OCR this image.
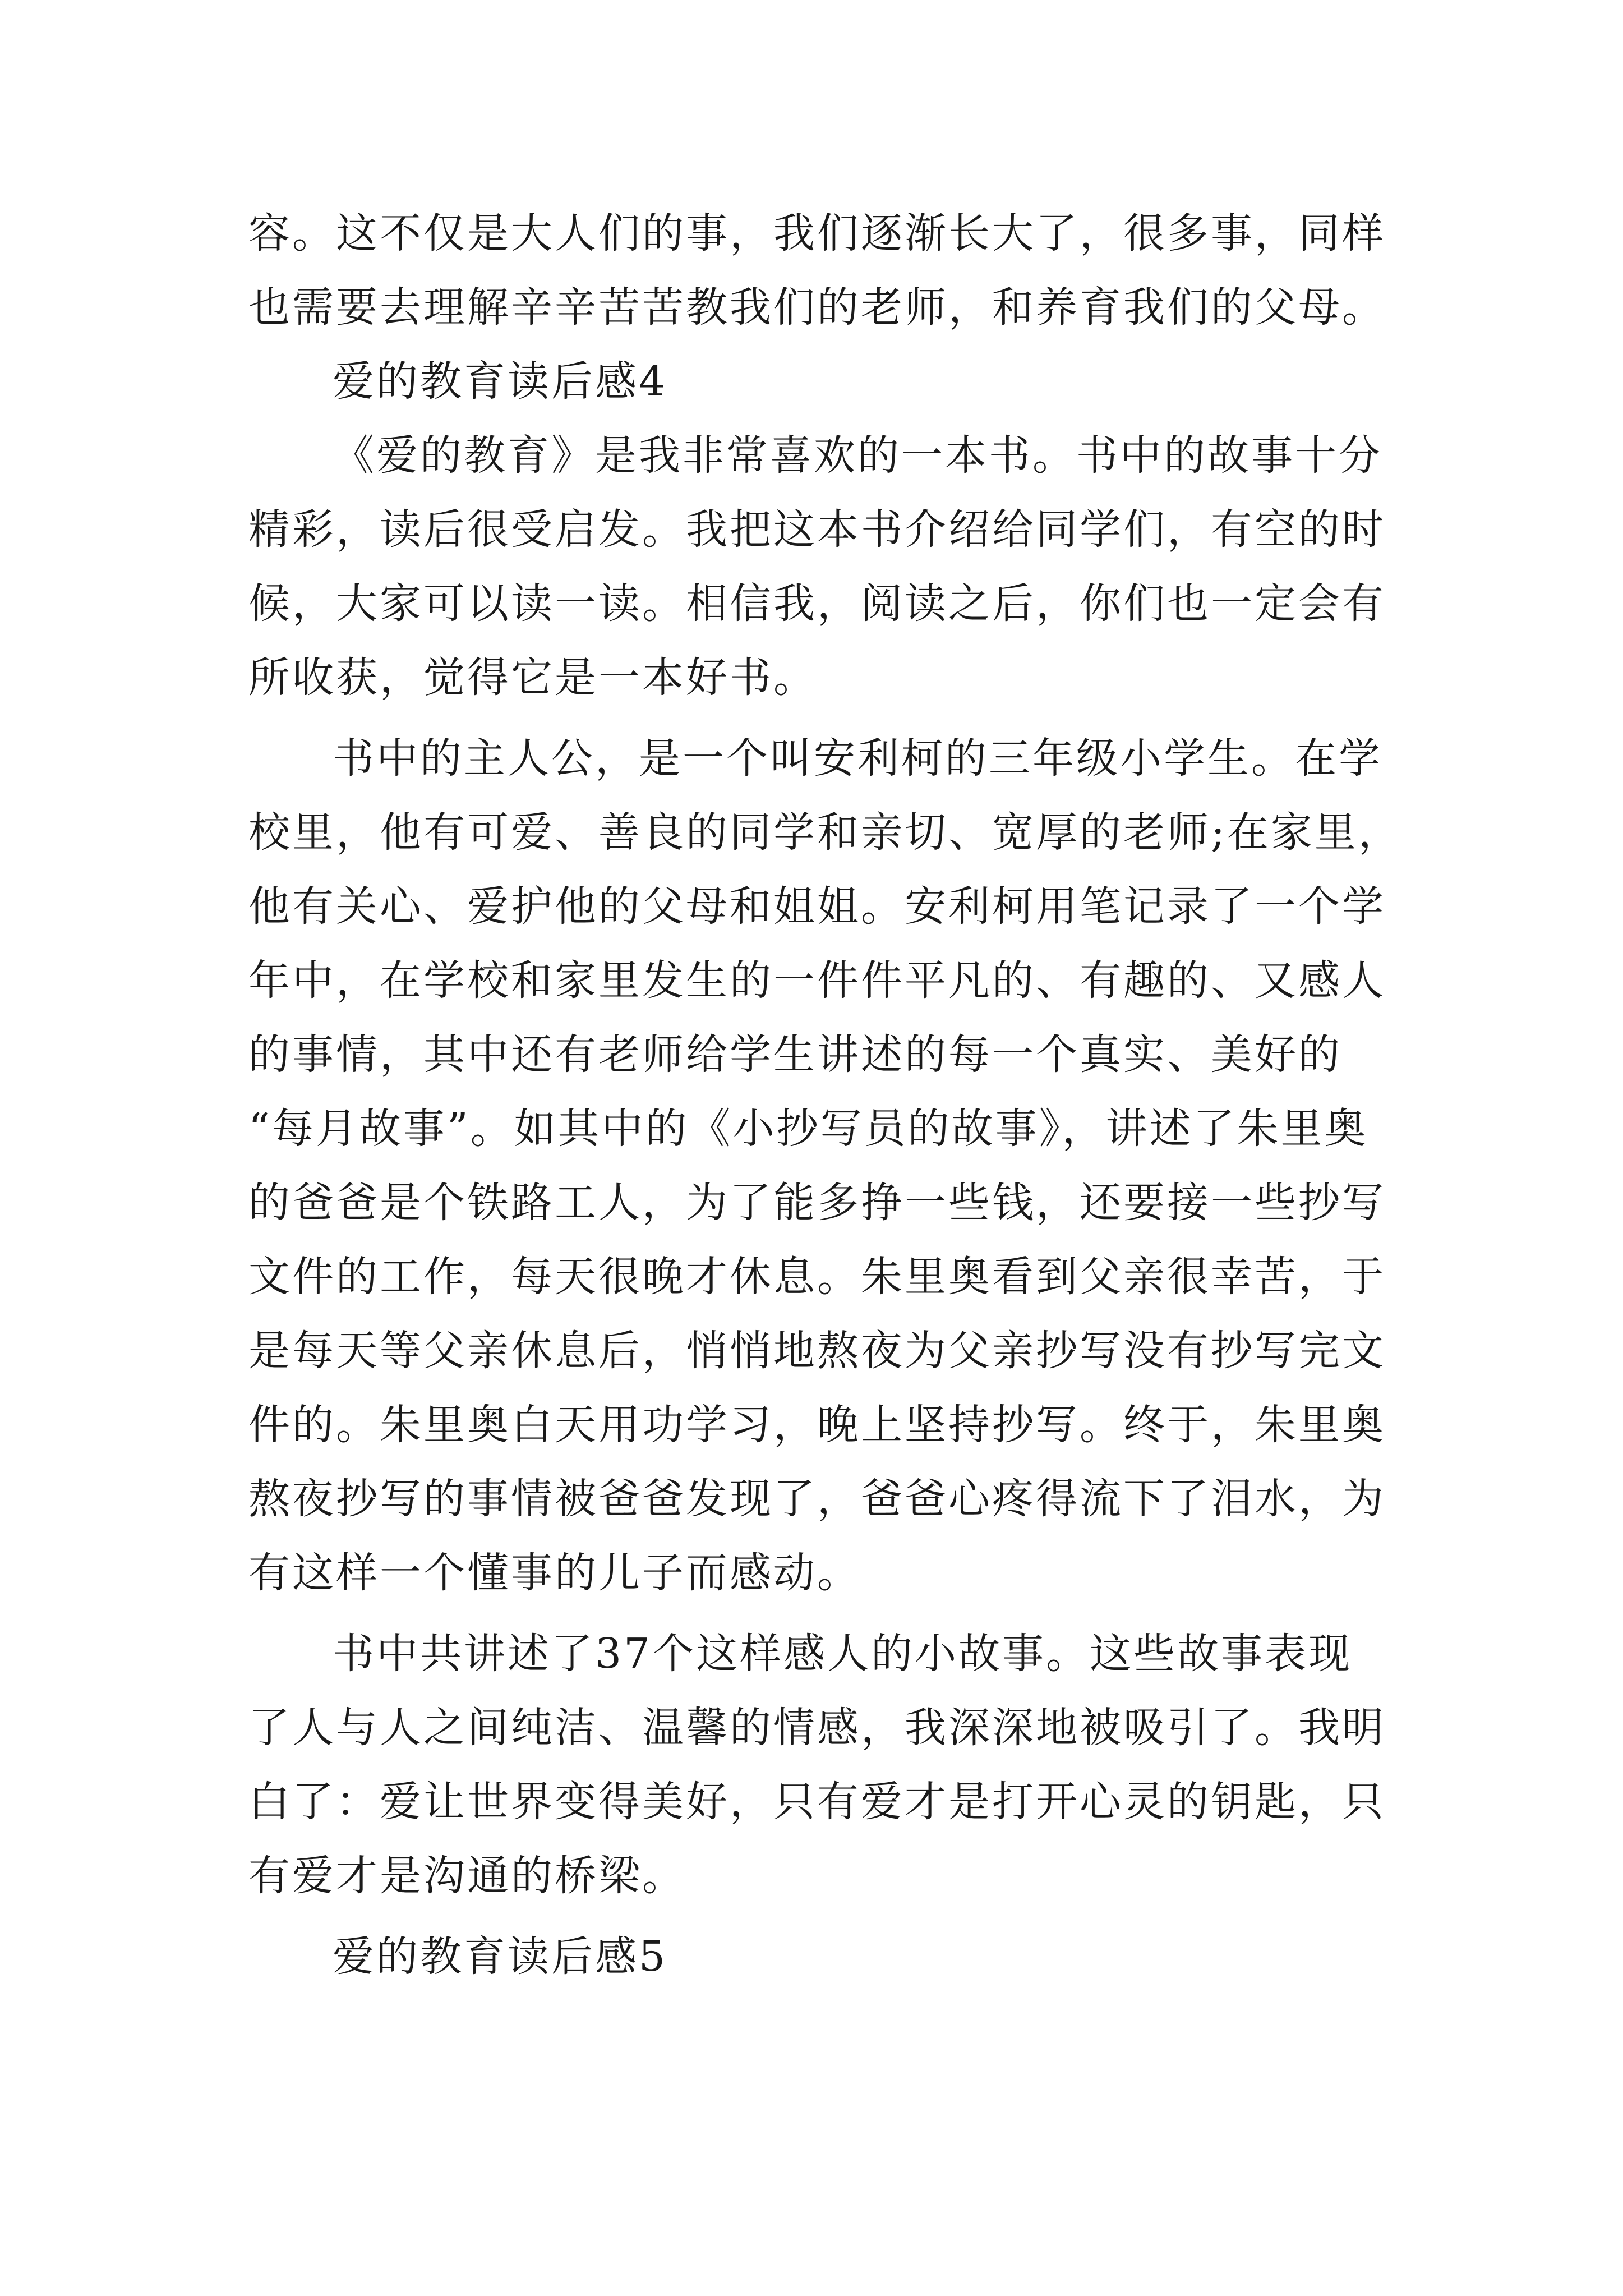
容。这不仅是大人们的事，我们逐渐长大了，很多事，同样
也需要去理解辛辛苦苦教我们的老师，和养育我们的父母。
爱的教育读后感4
《爱的教育》是我非常喜欢的一本书。书中的故事十分
精彩，读后很受启发。我把这本书介绍给同学们，有空的时
候，大家可以读一读。相信我，阅读之后，你们也一定会有
所收获，觉得它是一本好书。
书中的主人公，是一个叫安利柯的三年级小学生。在学
校里，他有可爱、善良的同学和亲切、宽厚的老师;在家里，
他有关心、爱护他的父母和姐姐。安利柯用笔记录了一个学
年中，在学校和家里发生的一件件平凡的、有趣的、又感人
的事情，其中还有老师给学生讲述的每一个真实、美好的
“每月故事”。如其中的《小抄写员的故事》，讲述了朱里奥
的爸爸是个铁路工人，为了能多挣一些钱，还要接一些抄写
文件的工作，每天很晚才休息。朱里奥看到父亲很幸苦，于
是每天等父亲休息后，悄悄地熬夜为父亲抄写没有抄写完文
件的。朱里奥白天用功学习，晚上坚持抄写。终于，朱里奥
熬夜抄写的事情被爸爸发现了，爸爸心疼得流下了泪水，为
有这样一个懂事的儿子而感动。
书中共讲述了37个这样感人的小故事。这些故事表现
了人与人之间纯洁、温馨的情感，我深深地被吸引了。我明
白了：爱让世界变得美好，只有爱才是打开心灵的钥匙，只
有爱才是沟通的桥梁。
爱的教育读后感5
